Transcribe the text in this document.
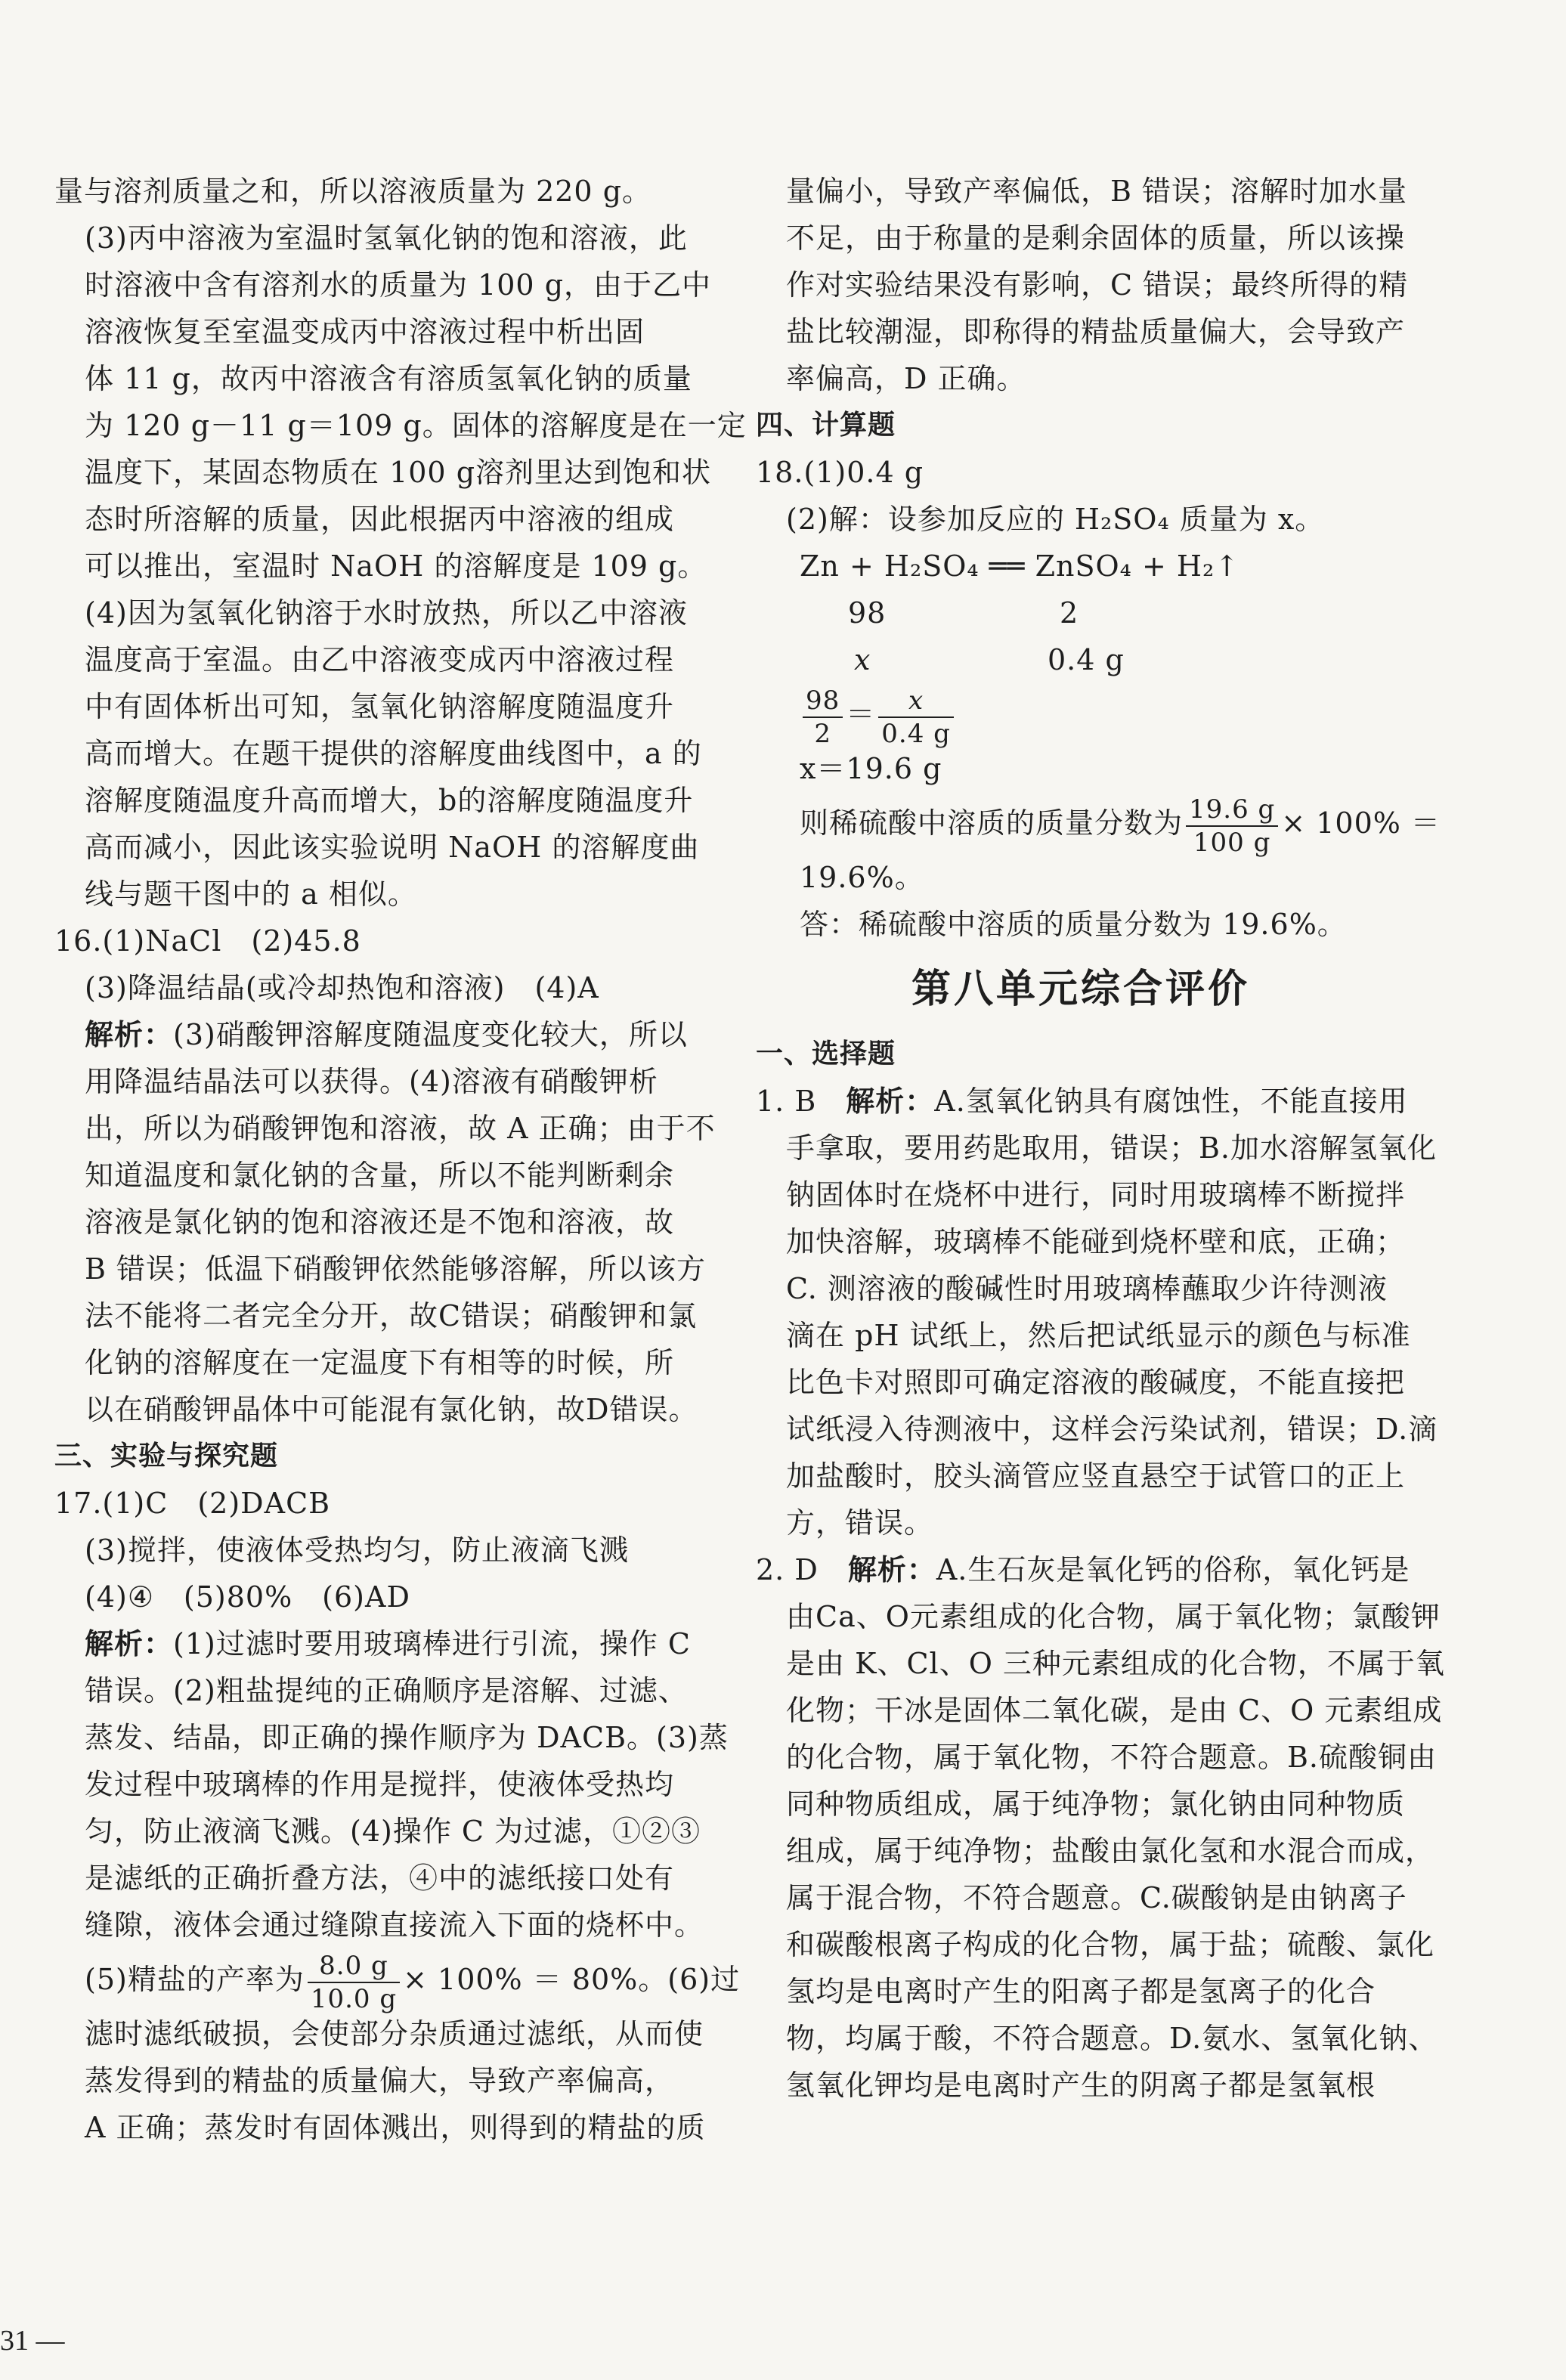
量与溶剂质量之和，所以溶液质量为 220 g。
(3)丙中溶液为室温时氢氧化钠的饱和溶液，此
时溶液中含有溶剂水的质量为 100 g，由于乙中
溶液恢复至室温变成丙中溶液过程中析出固
体 11 g，故丙中溶液含有溶质氢氧化钠的质量
为 120 g－11 g＝109 g。固体的溶解度是在一定
温度下，某固态物质在 100 g溶剂里达到饱和状
态时所溶解的质量，因此根据丙中溶液的组成
可以推出，室温时 NaOH 的溶解度是 109 g。
(4)因为氢氧化钠溶于水时放热，所以乙中溶液
温度高于室温。由乙中溶液变成丙中溶液过程
中有固体析出可知，氢氧化钠溶解度随温度升
高而增大。在题干提供的溶解度曲线图中，a 的
溶解度随温度升高而增大，b的溶解度随温度升
高而减小，因此该实验说明 NaOH 的溶解度曲
线与题干图中的 a 相似。
16.(1)NaCl　(2)45.8
(3)降温结晶(或冷却热饱和溶液)　(4)A
解析：(3)硝酸钾溶解度随温度变化较大，所以
用降温结晶法可以获得。(4)溶液有硝酸钾析
出，所以为硝酸钾饱和溶液，故 A 正确；由于不
知道温度和氯化钠的含量，所以不能判断剩余
溶液是氯化钠的饱和溶液还是不饱和溶液，故
B 错误；低温下硝酸钾依然能够溶解，所以该方
法不能将二者完全分开，故C错误；硝酸钾和氯
化钠的溶解度在一定温度下有相等的时候，所
以在硝酸钾晶体中可能混有氯化钠，故D错误。
三、实验与探究题
17.(1)C　(2)DACB
(3)搅拌，使液体受热均匀，防止液滴飞溅
(4)④　(5)80%　(6)AD
解析：(1)过滤时要用玻璃棒进行引流，操作 C
错误。(2)粗盐提纯的正确顺序是溶解、过滤、
蒸发、结晶，即正确的操作顺序为 DACB。(3)蒸
发过程中玻璃棒的作用是搅拌，使液体受热均
匀，防止液滴飞溅。(4)操作 C 为过滤，①②③
是滤纸的正确折叠方法，④中的滤纸接口处有
缝隙，液体会通过缝隙直接流入下面的烧杯中。
(5)精盐的产率为 $\frac{8.0 g}{10.0 g} \times 100\% = 80\%$。(6)过
滤时滤纸破损，会使部分杂质通过滤纸，从而使
蒸发得到的精盐的质量偏大，导致产率偏高，
A 正确；蒸发时有固体溅出，则得到的精盐的质
量偏小，导致产率偏低，B 错误；溶解时加水量
不足，由于称量的是剩余固体的质量，所以该操
作对实验结果没有影响，C 错误；最终所得的精
盐比较潮湿，即称得的精盐质量偏大，会导致产
率偏高，D 正确。
四、计算题
18.(1)0.4 g
(2)解：设参加反应的 H₂SO₄ 质量为 x。
Zn + H₂SO₄ ══ ZnSO₄ + H₂↑
98	2
x	0.4 g
$\frac{98}{2} = \frac{x}{0.4 g}$
x＝19.6 g
则稀硫酸中溶质的质量分数为 $\frac{19.6 g}{100 g} \times 100\%$ ＝
19.6%。
答：稀硫酸中溶质的质量分数为 19.6%。
第八单元综合评价
一、选择题
1. B　解析：A.氢氧化钠具有腐蚀性，不能直接用
手拿取，要用药匙取用，错误；B.加水溶解氢氧化
钠固体时在烧杯中进行，同时用玻璃棒不断搅拌
加快溶解，玻璃棒不能碰到烧杯壁和底，正确；
C. 测溶液的酸碱性时用玻璃棒蘸取少许待测液
滴在 pH 试纸上，然后把试纸显示的颜色与标准
比色卡对照即可确定溶液的酸碱度，不能直接把
试纸浸入待测液中，这样会污染试剂，错误；D.滴
加盐酸时，胶头滴管应竖直悬空于试管口的正上
方，错误。
2. D　解析：A.生石灰是氧化钙的俗称，氧化钙是
由Ca、O元素组成的化合物，属于氧化物；氯酸钾
是由 K、Cl、O 三种元素组成的化合物，不属于氧
化物；干冰是固体二氧化碳，是由 C、O 元素组成
的化合物，属于氧化物，不符合题意。B.硫酸铜由
同种物质组成，属于纯净物；氯化钠由同种物质
组成，属于纯净物；盐酸由氯化氢和水混合而成，
属于混合物，不符合题意。C.碳酸钠是由钠离子
和碳酸根离子构成的化合物，属于盐；硫酸、氯化
氢均是电离时产生的阳离子都是氢离子的化合
物，均属于酸，不符合题意。D.氨水、氢氧化钠、
氢氧化钾均是电离时产生的阴离子都是氢氧根
31 —
